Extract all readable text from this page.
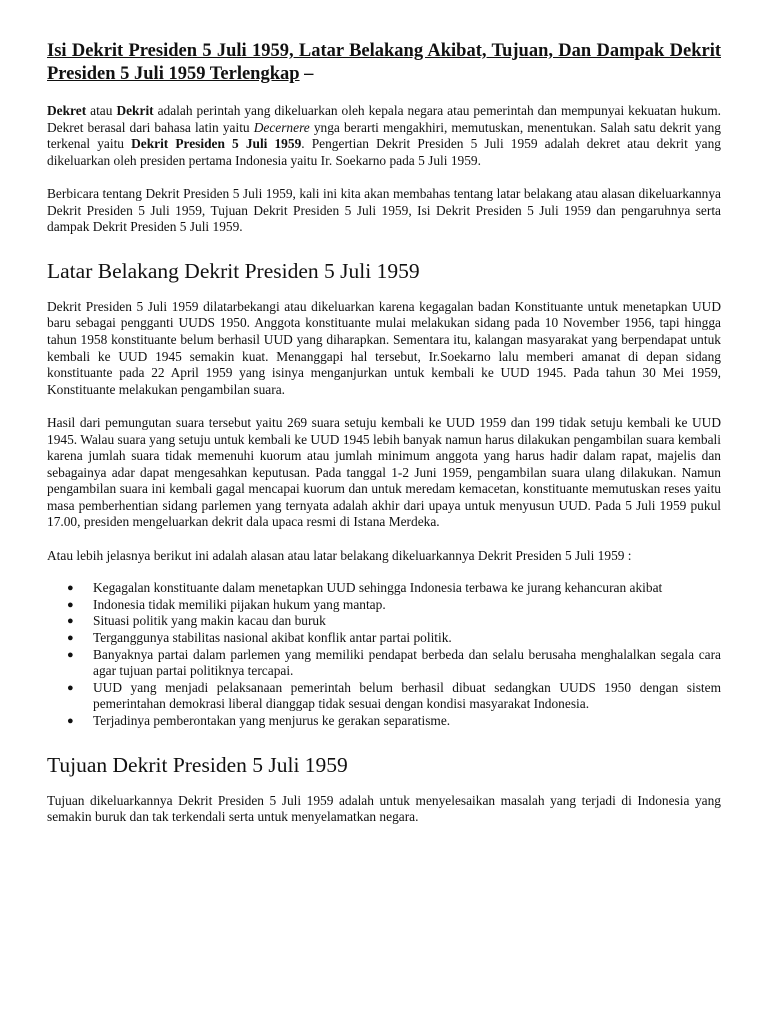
Isi Dekrit Presiden 5 Juli 1959, Latar Belakang Akibat, Tujuan, Dan Dampak Dekrit Presiden 5 Juli 1959 Terlengkap –

Dekret atau Dekrit adalah perintah yang dikeluarkan oleh kepala negara atau pemerintah dan mempunyai kekuatan hukum. Dekret berasal dari bahasa latin yaitu Decernere ynga berarti mengakhiri, memutuskan, menentukan. Salah satu dekrit yang terkenal yaitu Dekrit Presiden 5 Juli 1959. Pengertian Dekrit Presiden 5 Juli 1959 adalah dekret atau dekrit yang dikeluarkan oleh presiden pertama Indonesia yaitu Ir. Soekarno pada 5 Juli 1959.

Berbicara tentang Dekrit Presiden 5 Juli 1959, kali ini kita akan membahas tentang latar belakang atau alasan dikeluarkannya Dekrit Presiden 5 Juli 1959, Tujuan Dekrit Presiden 5 Juli 1959, Isi Dekrit Presiden 5 Juli 1959 dan pengaruhnya serta dampak Dekrit Presiden 5 Juli 1959.

Latar Belakang Dekrit Presiden 5 Juli 1959

Dekrit Presiden 5 Juli 1959 dilatarbekangi atau dikeluarkan karena kegagalan badan Konstituante untuk menetapkan UUD baru sebagai pengganti UUDS 1950. Anggota konstituante mulai melakukan sidang pada 10 November 1956, tapi hingga tahun 1958 konstituante belum berhasil UUD yang diharapkan. Sementara itu, kalangan masyarakat yang berpendapat untuk kembali ke UUD 1945 semakin kuat. Menanggapi hal tersebut, Ir.Soekarno lalu memberi amanat di depan sidang konstituante pada 22 April 1959 yang isinya menganjurkan untuk kembali ke UUD 1945. Pada tahun 30 Mei 1959, Konstituante melakukan pengambilan suara.

Hasil dari pemungutan suara tersebut yaitu 269 suara setuju kembali ke UUD 1959 dan 199 tidak setuju kembali ke UUD 1945. Walau suara yang setuju untuk kembali ke UUD 1945 lebih banyak namun harus dilakukan pengambilan suara kembali karena jumlah suara tidak memenuhi kuorum atau jumlah minimum anggota yang harus hadir dalam rapat, majelis dan sebagainya adar dapat mengesahkan keputusan. Pada tanggal 1-2 Juni 1959, pengambilan suara ulang dilakukan. Namun pengambilan suara ini kembali gagal mencapai kuorum dan untuk meredam kemacetan, konstituante memutuskan reses yaitu masa pemberhentian sidang parlemen yang ternyata adalah akhir dari upaya untuk menyusun UUD. Pada 5 Juli 1959 pukul 17.00, presiden mengeluarkan dekrit dala upaca resmi di Istana Merdeka.

Atau lebih jelasnya berikut ini adalah alasan atau latar belakang dikeluarkannya Dekrit Presiden 5 Juli 1959 :

● Kegagalan konstituante dalam menetapkan UUD sehingga Indonesia terbawa ke jurang kehancuran akibat
● Indonesia tidak memiliki pijakan hukum yang mantap.
● Situasi politik yang makin kacau dan buruk
● Terganggunya stabilitas nasional akibat konflik antar partai politik.
● Banyaknya partai dalam parlemen yang memiliki pendapat berbeda dan selalu berusaha menghalalkan segala cara agar tujuan partai politiknya tercapai.
● UUD yang menjadi pelaksanaan pemerintah belum berhasil dibuat sedangkan UUDS 1950 dengan sistem pemerintahan demokrasi liberal dianggap tidak sesuai dengan kondisi masyarakat Indonesia.
● Terjadinya pemberontakan yang menjurus ke gerakan separatisme.
Tujuan Dekrit Presiden 5 Juli 1959

Tujuan dikeluarkannya Dekrit Presiden 5 Juli 1959 adalah untuk menyelesaikan masalah yang terjadi di Indonesia yang semakin buruk dan tak terkendali serta untuk menyelamatkan negara.
